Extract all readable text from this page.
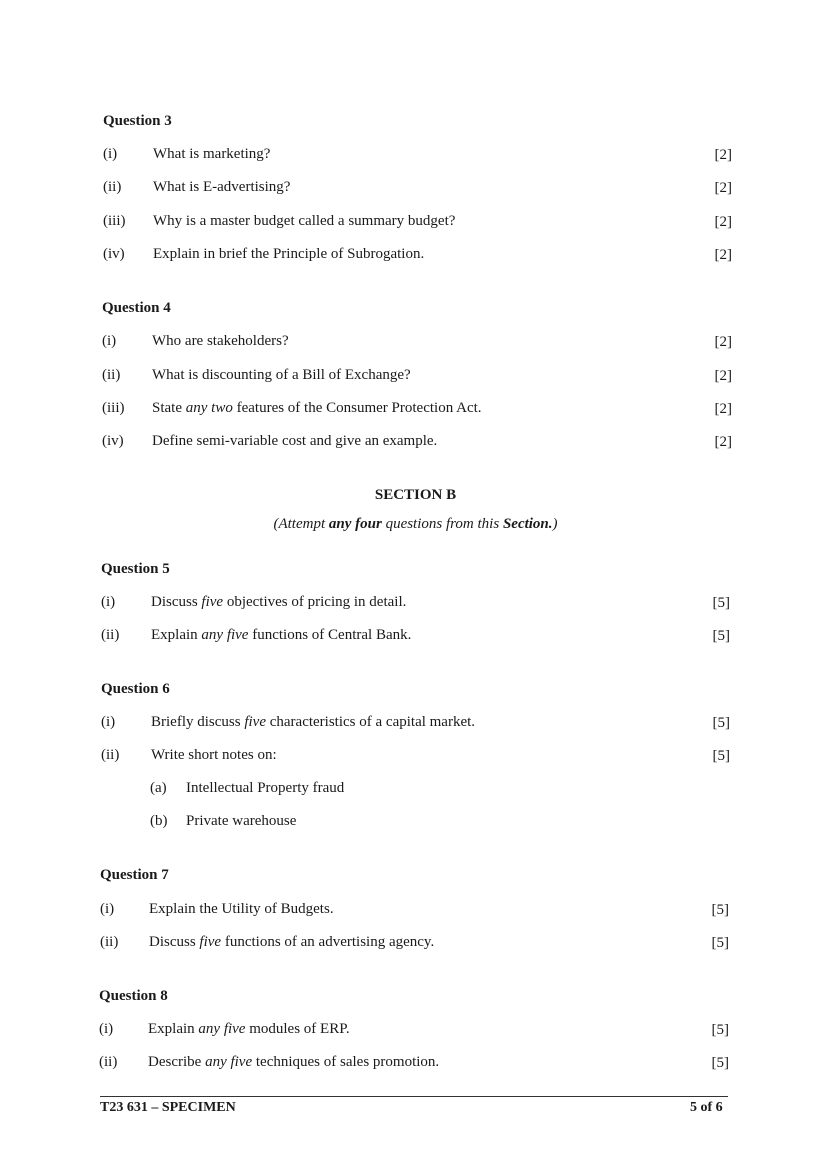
Question 3
(i) What is marketing?	[2]
(ii) What is E-advertising?	[2]
(iii) Why is a master budget called a summary budget?	[2]
(iv) Explain in brief the Principle of Subrogation.	[2]
Question 4
(i) Who are stakeholders?	[2]
(ii) What is discounting of a Bill of Exchange?	[2]
(iii) State any two features of the Consumer Protection Act.	[2]
(iv) Define semi-variable cost and give an example.	[2]
SECTION B
(Attempt any four questions from this Section.)
Question 5
(i) Discuss five objectives of pricing in detail.	[5]
(ii) Explain any five functions of Central Bank.	[5]
Question 6
(i) Briefly discuss five characteristics of a capital market.	[5]
(ii) Write short notes on:	[5]
(a) Intellectual Property fraud
(b) Private warehouse
Question 7
(i) Explain the Utility of Budgets.	[5]
(ii) Discuss five functions of an advertising agency.	[5]
Question 8
(i) Explain any five modules of ERP.	[5]
(ii) Describe any five techniques of sales promotion.	[5]
T23 631 – SPECIMEN	5 of 6
